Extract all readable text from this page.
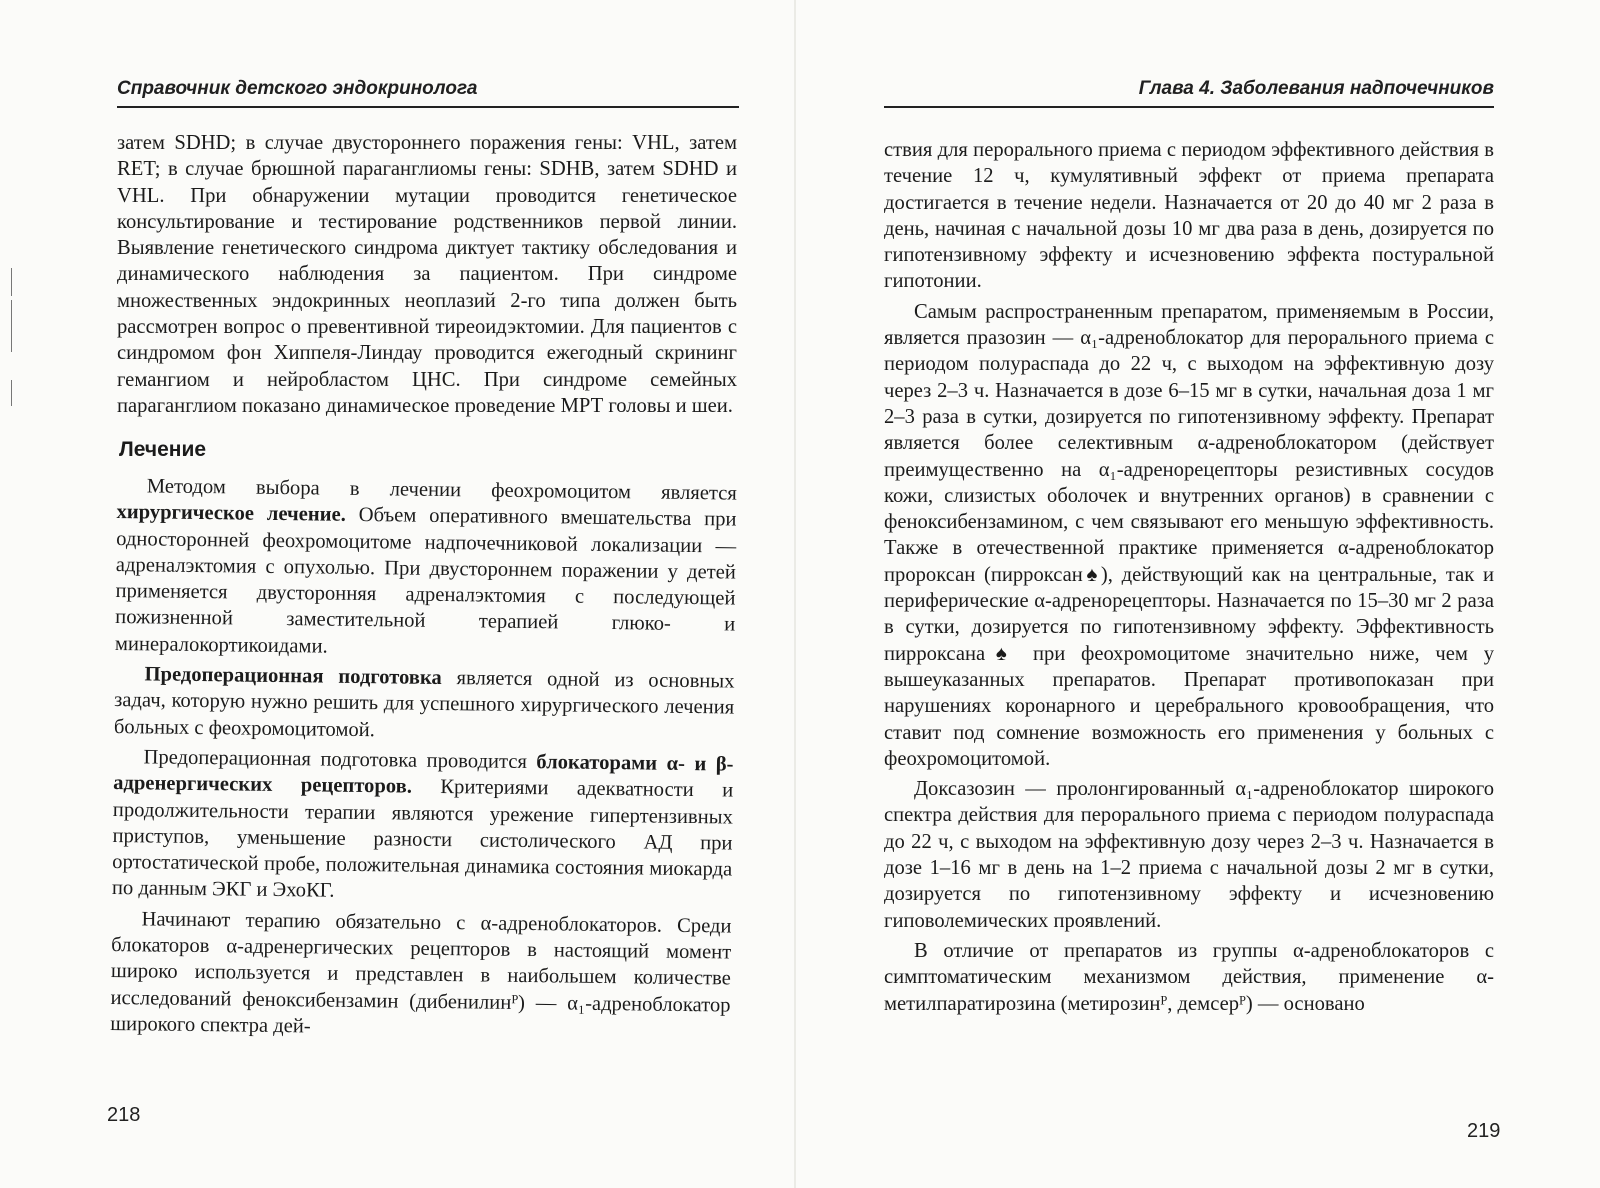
Справочник детского эндокринолога

затем SDHD; в случае двустороннего поражения гены: VHL, затем RET; в случае брюшной параганглиомы гены: SDHB, затем SDHD и VHL. При обнаружении мутации проводится генетическое консультирование и тестирование родственников первой линии. Выявление генетического синдрома диктует тактику обследования и динамического наблюдения за пациентом. При синдроме множественных эндокринных неоплазий 2-го типа должен быть рассмотрен вопрос о превентивной тиреоидэктомии. Для пациентов с синдромом фон Хиппеля-Линдау проводится ежегодный скрининг гемангиом и нейробластом ЦНС. При синдроме семейных параганглиом показано динамическое проведение МРТ головы и шеи.

Лечение

Методом выбора в лечении феохромоцитом является хирургическое лечение. Объем оперативного вмешательства при односторонней феохромоцитоме надпочечниковой локализации — адреналэктомия с опухолью. При двустороннем поражении у детей применяется двусторонняя адреналэктомия с последующей пожизненной заместительной терапией глюко- и минералокортикоидами.

Предоперационная подготовка является одной из основных задач, которую нужно решить для успешного хирургического лечения больных с феохромоцитомой.

Предоперационная подготовка проводится блокаторами α- и β-адренергических рецепторов. Критериями адекватности и продолжительности терапии являются урежение гипертензивных приступов, уменьшение разности систолического АД при ортостатической пробе, положительная динамика состояния миокарда по данным ЭКГ и ЭхоКГ.

Начинают терапию обязательно с α-адреноблокаторов. Среди блокаторов α-адренергических рецепторов в настоящий момент широко используется и представлен в наибольшем количестве исследований феноксибензамин (дибенилинᴾ) — α₁-адреноблокатор широкого спектра дей-

218
Глава 4. Заболевания надпочечников

ствия для перорального приема с периодом эффективного действия в течение 12 ч, кумулятивный эффект от приема препарата достигается в течение недели. Назначается от 20 до 40 мг 2 раза в день, начиная с начальной дозы 10 мг два раза в день, дозируется по гипотензивному эффекту и исчезновению эффекта постуральной гипотонии.

Самым распространенным препаратом, применяемым в России, является празозин — α₁-адреноблокатор для перорального приема с периодом полураспада до 22 ч, с выходом на эффективную дозу через 2–3 ч. Назначается в дозе 6–15 мг в сутки, начальная доза 1 мг 2–3 раза в сутки, дозируется по гипотензивному эффекту. Препарат является более селективным α-адреноблокатором (действует преимущественно на α₁-адренорецепторы резистивных сосудов кожи, слизистых оболочек и внутренних органов) в сравнении с феноксибензамином, с чем связывают его меньшую эффективность. Также в отечественной практике применяется α-адреноблокатор пророксан (пирроксан♠), действующий как на центральные, так и периферические α-адренорецепторы. Назначается по 15–30 мг 2 раза в сутки, дозируется по гипотензивному эффекту. Эффективность пирроксана♠ при феохромоцитоме значительно ниже, чем у вышеуказанных препаратов. Препарат противопоказан при нарушениях коронарного и церебрального кровообращения, что ставит под сомнение возможность его применения у больных с феохромоцитомой.

Доксазозин — пролонгированный α₁-адреноблокатор широкого спектра действия для перорального приема с периодом полураспада до 22 ч, с выходом на эффективную дозу через 2–3 ч. Назначается в дозе 1–16 мг в день на 1–2 приема с начальной дозы 2 мг в сутки, дозируется по гипотензивному эффекту и исчезновению гиповолемических проявлений.

В отличие от препаратов из группы α-адреноблокаторов с симптоматическим механизмом действия, применение α-метилпаратирозина (метирозинᴾ, демсерᴾ) — основано

219
